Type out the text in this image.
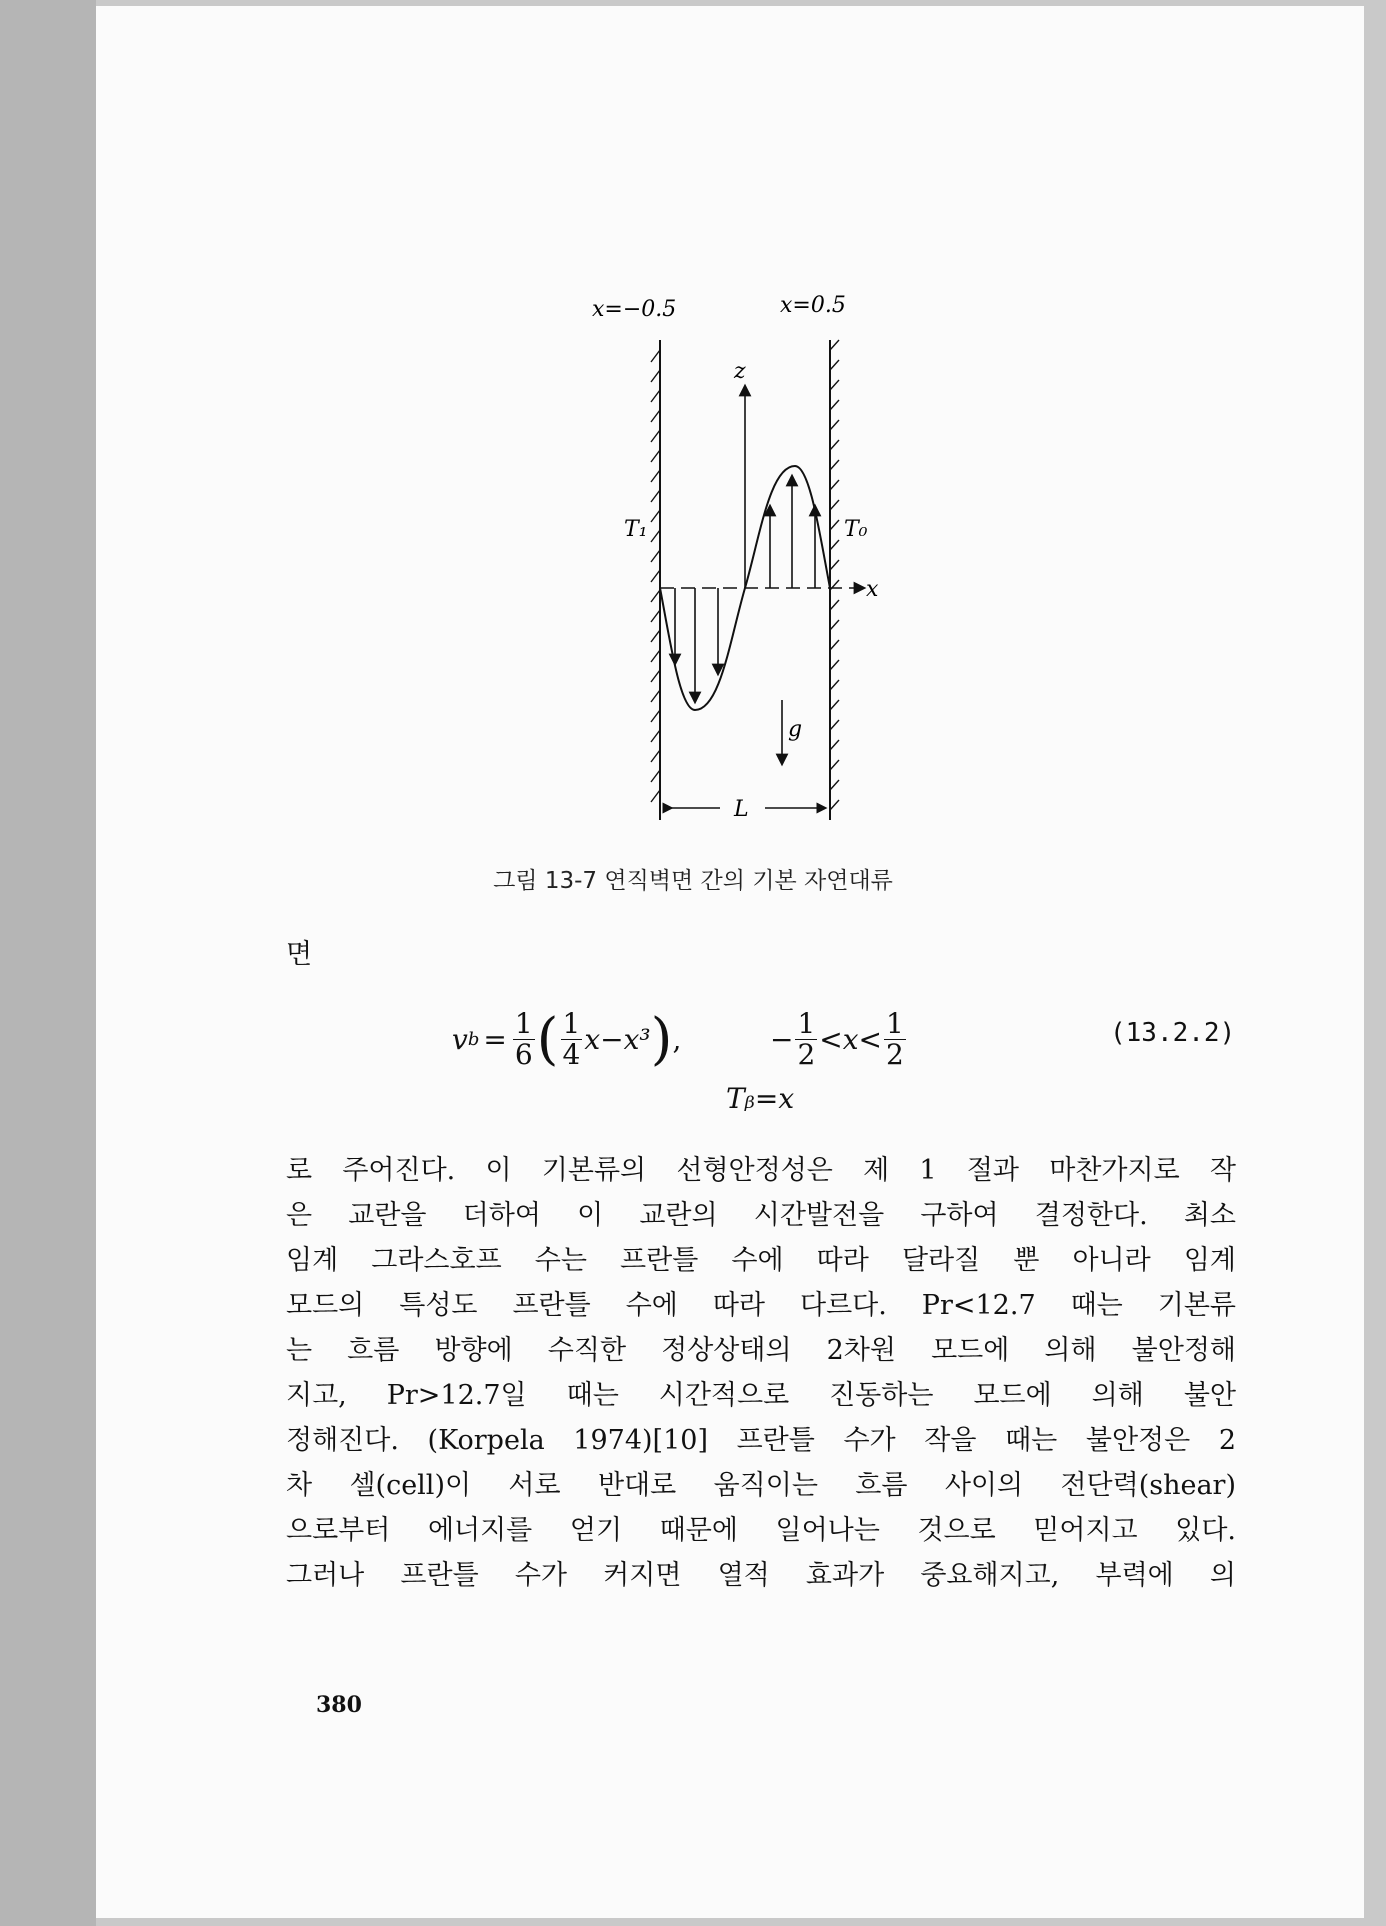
x=−0.5	x=0.5
z
x
T₁	T₀
g
L
그림 13-7 연직벽면 간의 기본 자연대류
면
v $b = \frac{1}{6}$ ( $\frac{1}{4} x-x^3$ ) ,	− $\frac{1}{2} <x< \frac{1}{2}$	(13.2.2)
Tᵦ=x
로 주어진다. 이 기본류의 선형안정성은 제 1 절과 마찬가지로 작
은 교란을 더하여 이 교란의 시간발전을 구하여 결정한다. 최소
임계 그라스호프 수는 프란틀 수에 따라 달라질 뿐 아니라 임계
모드의 특성도 프란틀 수에 따라 다르다. Pr<12.7 때는 기본류
는 흐름 방향에 수직한 정상상태의 2차원 모드에 의해 불안정해
지고, Pr>12.7일 때는 시간적으로 진동하는 모드에 의해 불안
정해진다. (Korpela 1974)[10] 프란틀 수가 작을 때는 불안정은 2
차 셀(cell)이 서로 반대로 움직이는 흐름 사이의 전단력(shear)
으로부터 에너지를 얻기 때문에 일어나는 것으로 믿어지고 있다.
그러나 프란틀 수가 커지면 열적 효과가 중요해지고, 부력에 의
380
